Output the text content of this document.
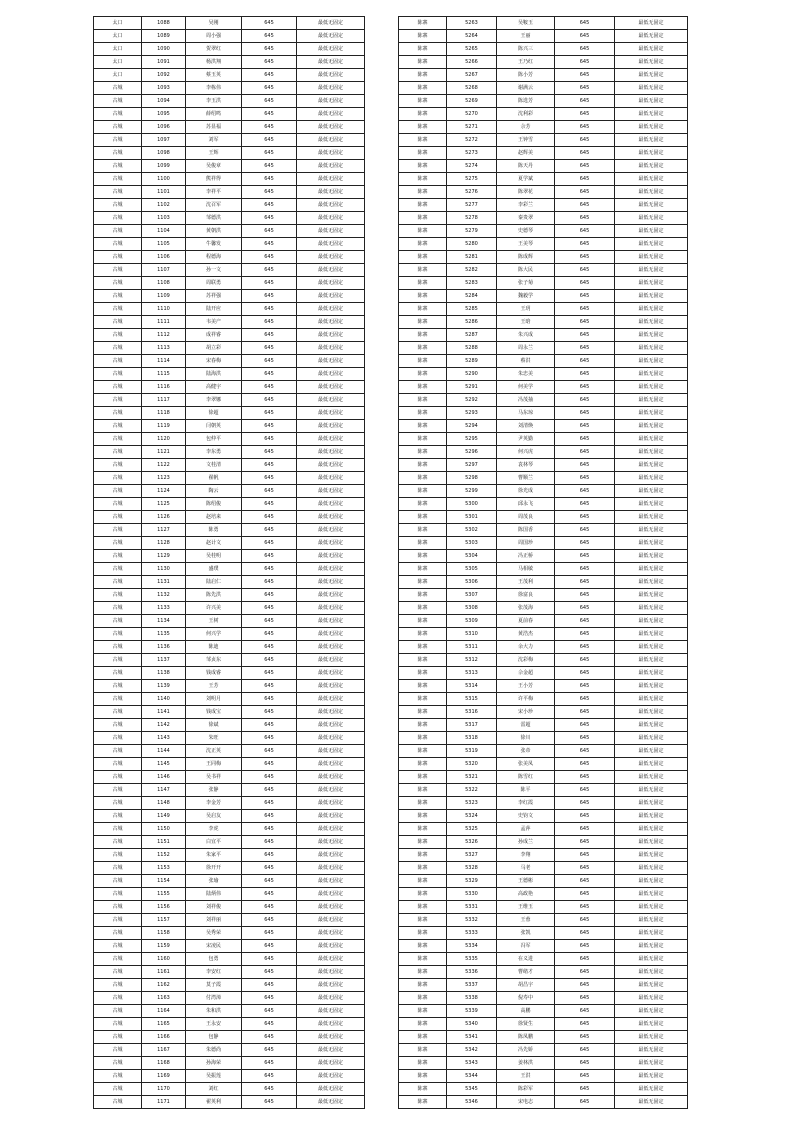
太口	1088	吴刚	645	最低无固定
太口	1089	周小强	645	最低无固定
太口	1090	贺翠红	645	最低无固定
太口	1091	杨洪翔	645	最低无固定
太口	1092	蔡玉英	645	最低无固定
古城	1093	李栋伟	645	最低无固定
古城	1094	李玉洪	645	最低无固定
古城	1095	薛绍鸣	645	最低无固定
古城	1096	苏显福	645	最低无固定
古城	1097	刘军	645	最低无固定
古城	1098	王辉	645	最低无固定
古城	1099	吴俊章	645	最低无固定
古城	1100	熊祥得	645	最低无固定
古城	1101	李祥平	645	最低无固定
古城	1102	沈召军	645	最低无固定
古城	1103	邹德洪	645	最低无固定
古城	1104	黄朝洪	645	最低无固定
古城	1105	牛馨发	645	最低无固定
古城	1106	程德海	645	最低无固定
古城	1107	孙一文	645	最低无固定
古城	1108	周联勇	645	最低无固定
古城	1109	苏祥强	645	最低无固定
古城	1110	陆开应	645	最低无固定
古城	1111	韦美产	645	最低无固定
古城	1112	成祥睿	645	最低无固定
古城	1113	胡立彩	645	最低无固定
古城	1114	宋春梅	645	最低无固定
古城	1115	陆海洪	645	最低无固定
古城	1116	高健宇	645	最低无固定
古城	1117	李翠娜	645	最低无固定
古城	1118	徐超	645	最低无固定
古城	1119	闫朝英	645	最低无固定
古城	1120	包仲平	645	最低无固定
古城	1121	李东勇	645	最低无固定
古城	1122	文桂清	645	最低无固定
古城	1123	翟帆	645	最低无固定
古城	1124	陶云	645	最低无固定
古城	1125	陈绍俊	645	最低无固定
古城	1126	赵培来	645	最低无固定
古城	1127	陈勇	645	最低无固定
古城	1128	赵计文	645	最低无固定
古城	1129	吴桂明	645	最低无固定
古城	1130	盛璞	645	最低无固定
古城	1131	陆启仁	645	最低无固定
古城	1132	陈先洪	645	最低无固定
古城	1133	许兴美	645	最低无固定
古城	1134	王树	645	最低无固定
古城	1135	何兴学	645	最低无固定
古城	1136	陈迪	645	最低无固定
古城	1137	邹贞东	645	最低无固定
古城	1138	钱成睿	645	最低无固定
古城	1139	王芳	645	最低无固定
古城	1140	刘明月	645	最低无固定
古城	1141	钱成宝	645	最低无固定
古城	1142	徐斌	645	最低无固定
古城	1143	朱旺	645	最低无固定
古城	1144	沈正英	645	最低无固定
古城	1145	王同梅	645	最低无固定
古城	1146	吴书祥	645	最低无固定
古城	1147	张静	645	最低无固定
古城	1148	李金芳	645	最低无固定
古城	1149	吴启友	645	最低无固定
古城	1150	李虎	645	最低无固定
古城	1151	白宜平	645	最低无固定
古城	1152	朱家平	645	最低无固定
古城	1153	徐开开	645	最低无固定
古城	1154	张瑜	645	最低无固定
古城	1155	陆炳伟	645	最低无固定
古城	1156	刘祥俊	645	最低无固定
古城	1157	刘祥丽	645	最低无固定
古城	1158	吴秀荣	645	最低无固定
古城	1159	宋凌民	645	最低无固定
古城	1160	包勇	645	最低无固定
古城	1161	李安红	645	最低无固定
古城	1162	莫子霞	645	最低无固定
古城	1163	付湾漳	645	最低无固定
古城	1164	朱和洪	645	最低无固定
古城	1165	王永安	645	最低无固定
古城	1166	包静	645	最低无固定
古城	1167	朱德尚	645	最低无固定
古城	1168	孙海荣	645	最低无固定
古城	1169	吴振莲	645	最低无固定
古城	1170	刘红	645	最低无固定
古城	1171	翟英利	645	最低无固定
陈寨	5263	吴鞍玉	645	最低无固定
陈寨	5264	王丽	645	最低无固定
陈寨	5265	陈兴三	645	最低无固定
陈寨	5266	王乃红	645	最低无固定
陈寨	5267	陈小芳	645	最低无固定
陈寨	5268	谢满云	645	最低无固定
陈寨	5269	陈选芳	645	最低无固定
陈寨	5270	沈利彩	645	最低无固定
陈寨	5271	佘芳	645	最低无固定
陈寨	5272	王钟雪	645	最低无固定
陈寨	5273	赵辉美	645	最低无固定
陈寨	5274	陈天丹	645	最低无固定
陈寨	5275	夏学斌	645	最低无固定
陈寨	5276	陈翠花	645	最低无固定
陈寨	5277	李彩兰	645	最低无固定
陈寨	5278	秦贵翠	645	最低无固定
陈寨	5279	史德琴	645	最低无固定
陈寨	5280	王美琴	645	最低无固定
陈寨	5281	陈成辉	645	最低无固定
陈寨	5282	陈大民	645	最低无固定
陈寨	5283	张子菊	645	最低无固定
陈寨	5284	魏毅学	645	最低无固定
陈寨	5285	王玥	645	最低无固定
陈寨	5286	王晗	645	最低无固定
陈寨	5287	朱兴成	645	最低无固定
陈寨	5288	周永兰	645	最低无固定
陈寨	5289	蔡洪	645	最低无固定
陈寨	5290	朱忠美	645	最低无固定
陈寨	5291	何美学	645	最低无固定
陈寨	5292	冯茂抽	645	最低无固定
陈寨	5293	马东琼	645	最低无固定
陈寨	5294	刘清焕	645	最低无固定
陈寨	5295	尹英勤	645	最低无固定
陈寨	5296	何兴虎	645	最低无固定
陈寨	5297	袁林琴	645	最低无固定
陈寨	5298	曹顺兰	645	最低无固定
陈寨	5299	徐光成	645	最低无固定
陈寨	5300	邱永飞	645	最低无固定
陈寨	5301	周茂良	645	最低无固定
陈寨	5302	陈国香	645	最低无固定
陈寨	5303	周国珍	645	最低无固定
陈寨	5304	冯正桥	645	最低无固定
陈寨	5305	马相敏	645	最低无固定
陈寨	5306	王茂利	645	最低无固定
陈寨	5307	徐富良	645	最低无固定
陈寨	5308	张茂海	645	最低无固定
陈寨	5309	夏前春	645	最低无固定
陈寨	5310	黄浩杰	645	最低无固定
陈寨	5311	余大力	645	最低无固定
陈寨	5312	沈彩梅	645	最低无固定
陈寨	5313	佘金超	645	最低无固定
陈寨	5314	王小芳	645	最低无固定
陈寨	5315	许平梅	645	最低无固定
陈寨	5316	宋小珍	645	最低无固定
陈寨	5317	雷超	645	最低无固定
陈寨	5318	徐川	645	最低无固定
陈寨	5319	张帝	645	最低无固定
陈寨	5320	张美凤	645	最低无固定
陈寨	5321	陈雪红	645	最低无固定
陈寨	5322	陈平	645	最低无固定
陈寨	5323	李红霞	645	最低无固定
陈寨	5324	史钧文	645	最低无固定
陈寨	5325	孟萍	645	最低无固定
陈寨	5326	孙成兰	645	最低无固定
陈寨	5327	李翔	645	最低无固定
陈寨	5328	马老	645	最低无固定
陈寨	5329	王德彬	645	最低无固定
陈寨	5330	高政艳	645	最低无固定
陈寨	5331	王维玉	645	最低无固定
陈寨	5332	王蓉	645	最低无固定
陈寨	5333	张凯	645	最低无固定
陈寨	5334	冯军	645	最低无固定
陈寨	5335	在义进	645	最低无固定
陈寨	5336	曹绪才	645	最低无固定
陈寨	5337	胡昌宇	645	最低无固定
陈寨	5338	倪寿中	645	最低无固定
陈寨	5339	高鹏	645	最低无固定
陈寨	5340	徐贤生	645	最低无固定
陈寨	5341	陈凤鹏	645	最低无固定
陈寨	5342	冯先娇	645	最低无固定
陈寨	5343	姜林洪	645	最低无固定
陈寨	5344	王洪	645	最低无固定
陈寨	5345	陈彩军	645	最低无固定
陈寨	5346	宋电志	645	最低无固定
